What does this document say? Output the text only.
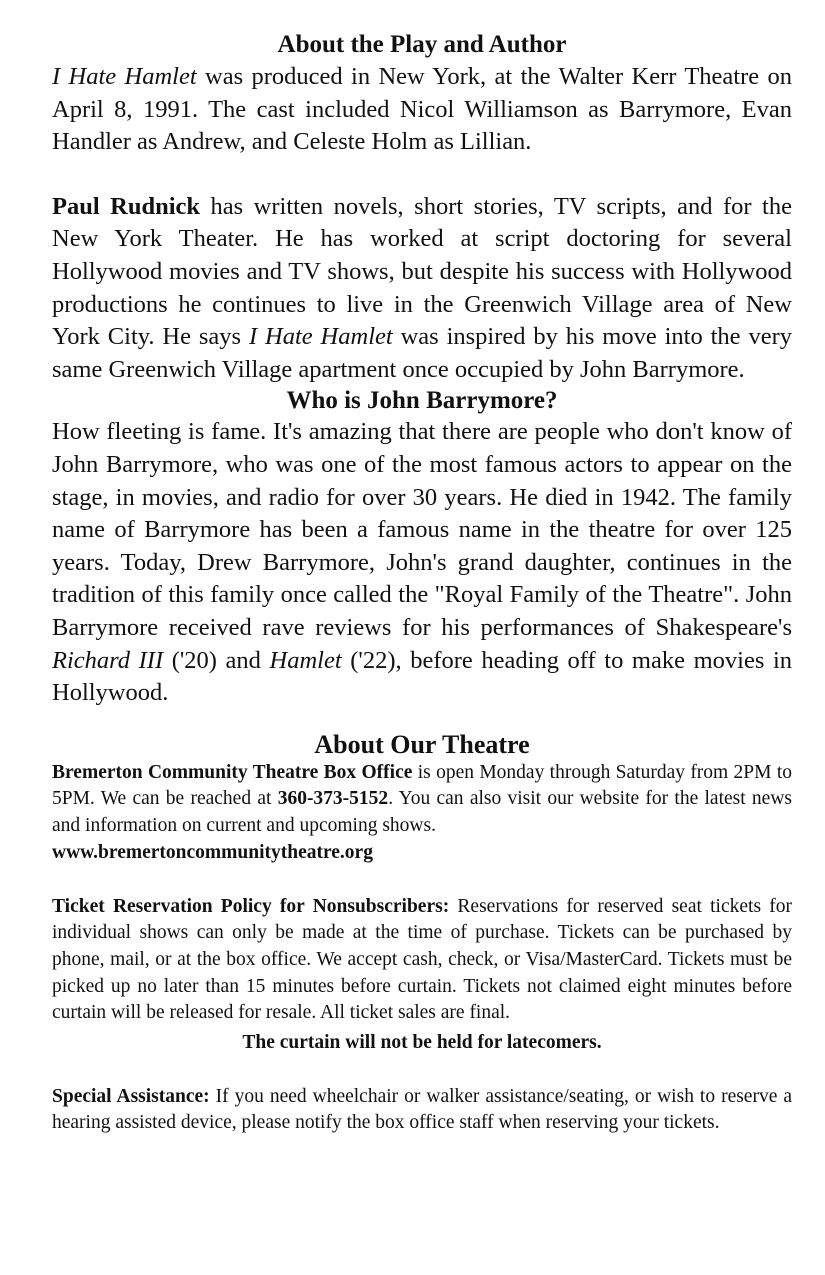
About the Play and Author

I Hate Hamlet was produced in New York, at the Walter Kerr Theatre on April 8, 1991. The cast included Nicol Williamson as Barrymore, Evan Handler as Andrew, and Celeste Holm as Lillian.

Paul Rudnick has written novels, short stories, TV scripts, and for the New York Theater. He has worked at script doctoring for several Hollywood movies and TV shows, but despite his success with Hollywood productions he continues to live in the Greenwich Village area of New York City. He says I Hate Hamlet was inspired by his move into the very same Greenwich Village apartment once occupied by John Barrymore.

Who is John Barrymore?

How fleeting is fame. It's amazing that there are people who don't know of John Barrymore, who was one of the most famous actors to appear on the stage, in movies, and radio for over 30 years. He died in 1942. The family name of Barrymore has been a famous name in the theatre for over 125 years. Today, Drew Barrymore, John's grand daughter, continues in the tradition of this family once called the "Royal Family of the Theatre". John Barrymore received rave reviews for his performances of Shakespeare's Richard III ('20) and Hamlet ('22), before heading off to make movies in Hollywood.

About Our Theatre

Bremerton Community Theatre Box Office is open Monday through Saturday from 2PM to 5PM. We can be reached at 360-373-5152. You can also visit our website for the latest news and information on current and upcoming shows.
www.bremertoncommunitytheatre.org

Ticket Reservation Policy for Nonsubscribers: Reservations for reserved seat tickets for individual shows can only be made at the time of purchase. Tickets can be purchased by phone, mail, or at the box office. We accept cash, check, or Visa/MasterCard. Tickets must be picked up no later than 15 minutes before curtain. Tickets not claimed eight minutes before curtain will be released for resale. All ticket sales are final.

The curtain will not be held for latecomers.

Special Assistance: If you need wheelchair or walker assistance/seating, or wish to reserve a hearing assisted device, please notify the box office staff when reserving your tickets.
